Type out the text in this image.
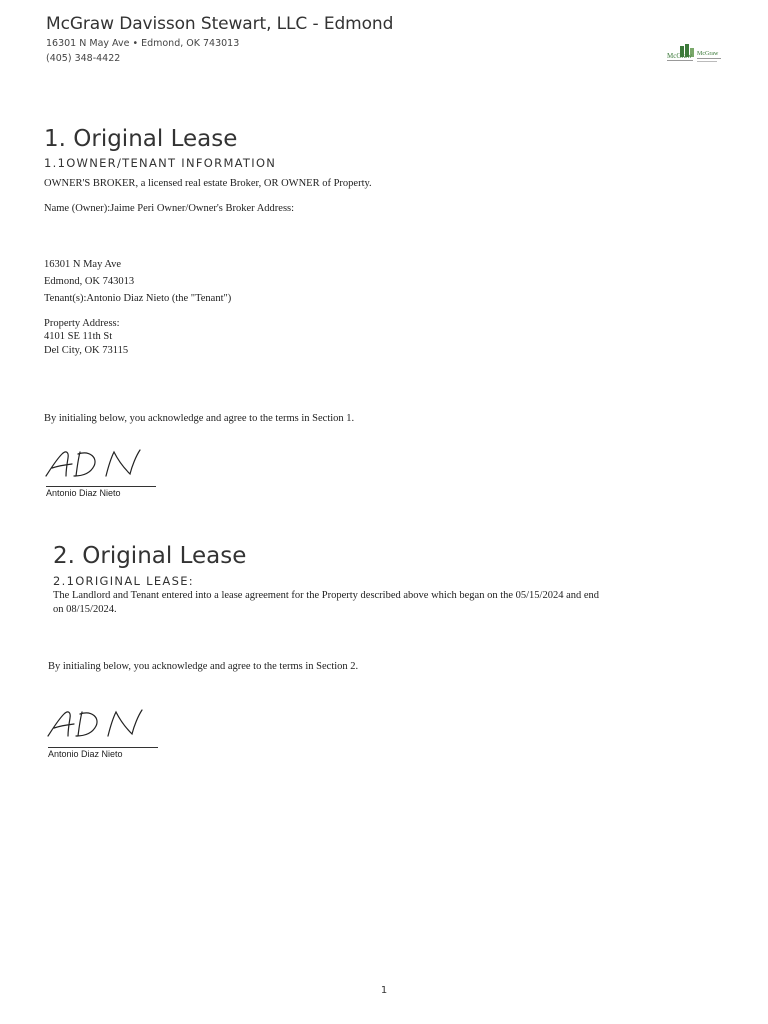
McGraw Davisson Stewart, LLC - Edmond
16301 N May Ave • Edmond, OK 743013
(405) 348-4422	McGraw McGraw
1. Original Lease
1.1OWNER/TENANT INFORMATION
OWNER'S BROKER, a licensed real estate Broker, OR OWNER of Property.
Name (Owner):Jaime Peri Owner/Owner's Broker Address:
16301 N May Ave
Edmond, OK 743013
Tenant(s):Antonio Diaz Nieto (the "Tenant")
Property Address:
4101 SE 11th St
Del City, OK 73115
By initialing below, you acknowledge and agree to the terms in Section 1.
Antonio Diaz Nieto
2. Original Lease
2.1ORIGINAL LEASE:
The Landlord and Tenant entered into a lease agreement for the Property described above which began on the 05/15/2024 and end
on 08/15/2024.
By initialing below, you acknowledge and agree to the terms in Section 2.
Antonio Diaz Nieto
1
